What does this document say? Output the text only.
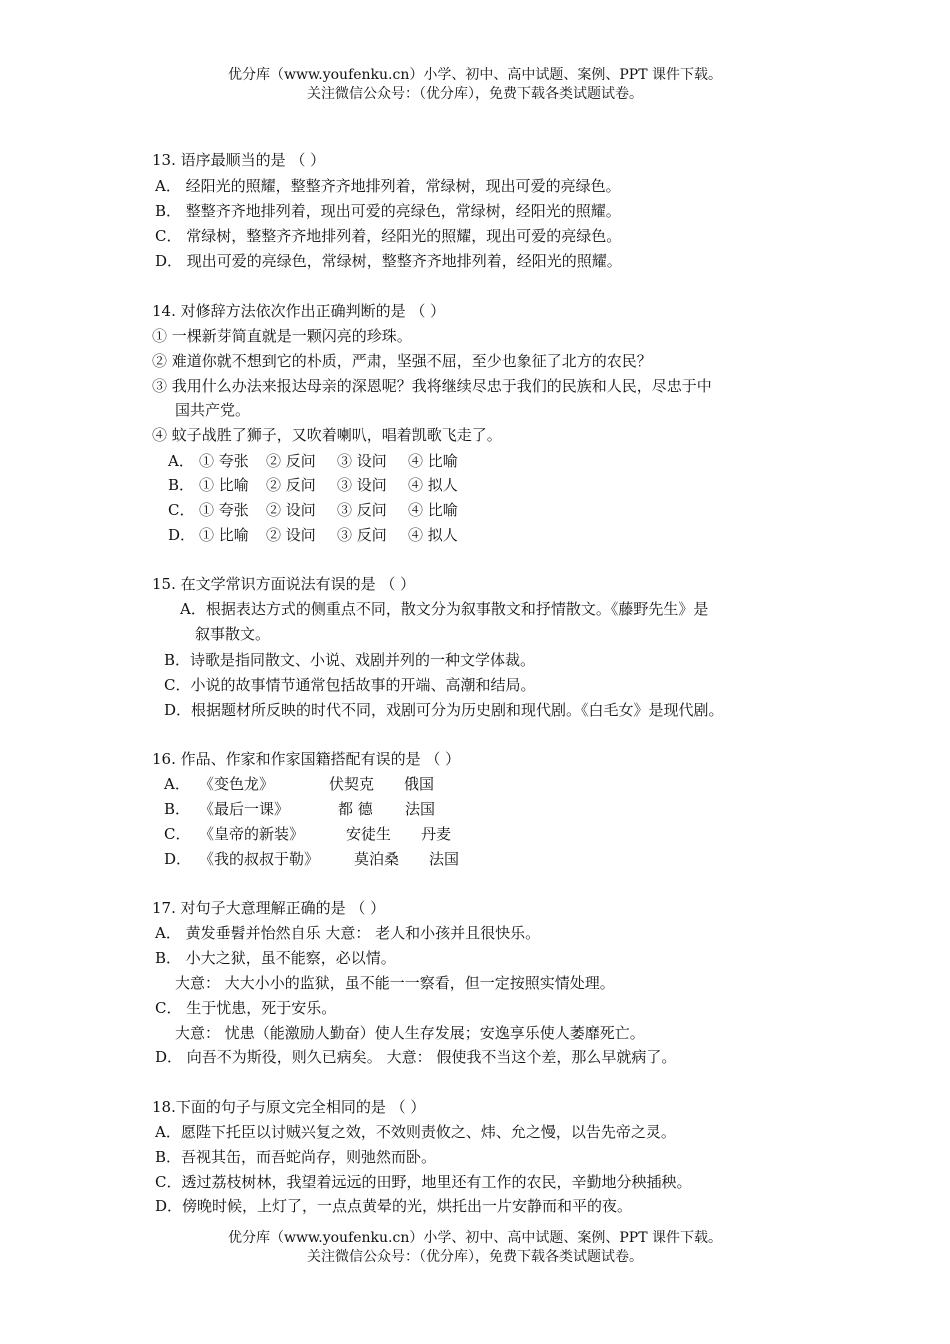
优分库（www.youfenku.cn）小学、初中、高中试题、案例、PPT 课件下载。
关注微信公众号：（优分库），免费下载各类试题试卷。
13. 语序最顺当的是 （ ）
A． 经阳光的照耀，整整齐齐地排列着，常绿树，现出可爱的亮绿色。
B． 整整齐齐地排列着，现出可爱的亮绿色，常绿树，经阳光的照耀。
C． 常绿树，整整齐齐地排列着，经阳光的照耀，现出可爱的亮绿色。
D． 现出可爱的亮绿色，常绿树，整整齐齐地排列着，经阳光的照耀。
14. 对修辞方法依次作出正确判断的是 （ ）
① 一棵新芽简直就是一颗闪亮的珍珠。
② 难道你就不想到它的朴质，严肃，坚强不屈，至少也象征了北方的农民？
③ 我用什么办法来报达母亲的深恩呢？我将继续尽忠于我们的民族和人民，尽忠于中
国共产党。
④ 蚊子战胜了狮子，又吹着喇叭，唱着凯歌飞走了。
A． ① 夸张 ② 反问 ③ 设问 ④ 比喻
B． ① 比喻 ② 反问 ③ 设问 ④ 拟人
C． ① 夸张 ② 设问 ③ 反问 ④ 比喻
D． ① 比喻 ② 设问 ③ 反问 ④ 拟人
15. 在文学常识方面说法有误的是 （ ）
A．根据表达方式的侧重点不同，散文分为叙事散文和抒情散文。《藤野先生》是
叙事散文。
B．诗歌是指同散文、小说、戏剧并列的一种文学体裁。
C．小说的故事情节通常包括故事的开端、高潮和结局。
D．根据题材所反映的时代不同，戏剧可分为历史剧和现代剧。《白毛女》是现代剧。
16. 作品、作家和作家国籍搭配有误的是 （ ）
A． 《变色龙》	伏契克 俄国
B． 《最后一课》	都 德 法国
C． 《皇帝的新装》	安徒生 丹麦
D． 《我的叔叔于勒》 莫泊桑 法国
17. 对句子大意理解正确的是 （ ）
A． 黄发垂髫并怡然自乐 大意： 老人和小孩并且很快乐。
B． 小大之狱，虽不能察，必以情。
大意： 大大小小的监狱，虽不能一一察看，但一定按照实情处理。
C． 生于忧患，死于安乐。
大意： 忧患（能激励人勤奋）使人生存发展；安逸享乐使人萎靡死亡。
D． 向吾不为斯役，则久已病矣。 大意： 假使我不当这个差，那么早就病了。
18.下面的句子与原文完全相同的是 （ ）
A．愿陛下托臣以讨贼兴复之效，不效则责攸之、炜、允之慢，以告先帝之灵。
B．吾视其缶，而吾蛇尚存，则弛然而卧。
C．透过荔枝树林，我望着远远的田野，地里还有工作的农民，辛勤地分秧插秧。
D．傍晚时候，上灯了，一点点黄晕的光，烘托出一片安静而和平的夜。
优分库（www.youfenku.cn）小学、初中、高中试题、案例、PPT 课件下载。
关注微信公众号：（优分库），免费下载各类试题试卷。
